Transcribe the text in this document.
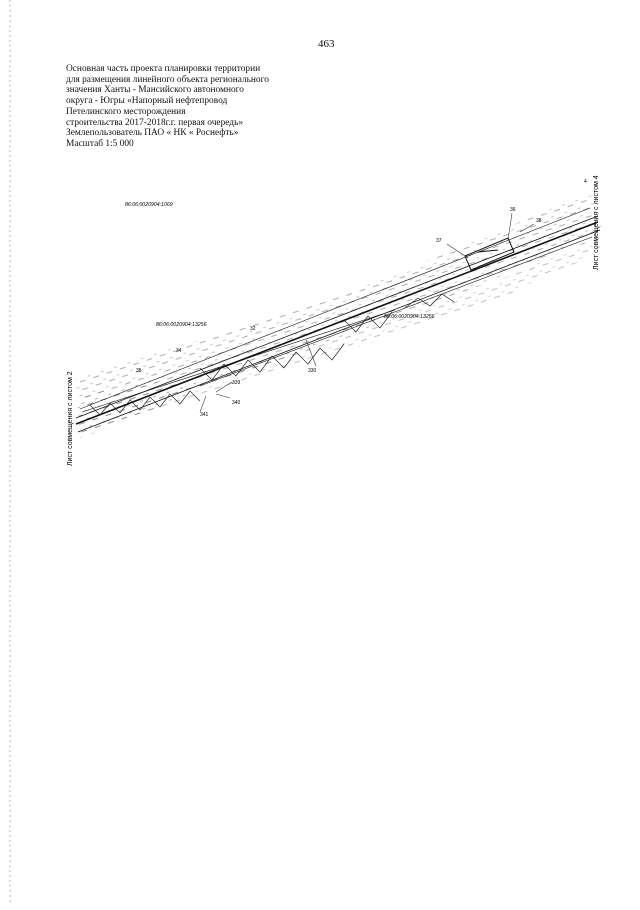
463
Основная часть проекта планировки территории
для размещения линейного объекта регионального
значения Ханты - Мансийского автономного
округа - Югры «Напорный нефтепровод
Петелинского месторождения
строительства 2017-2018г.г. первая очередь»
Землепользователь ПАО « НК « Роснефть»
Масштаб 1:5 000
86:06:0020904:1069
86:06:0020904:13256
86:06:0020904:13256
36
37
38
32
34
35	330
339
340
341
4
Лист совмещения с листом 2
Лист совмещения с листом 4
